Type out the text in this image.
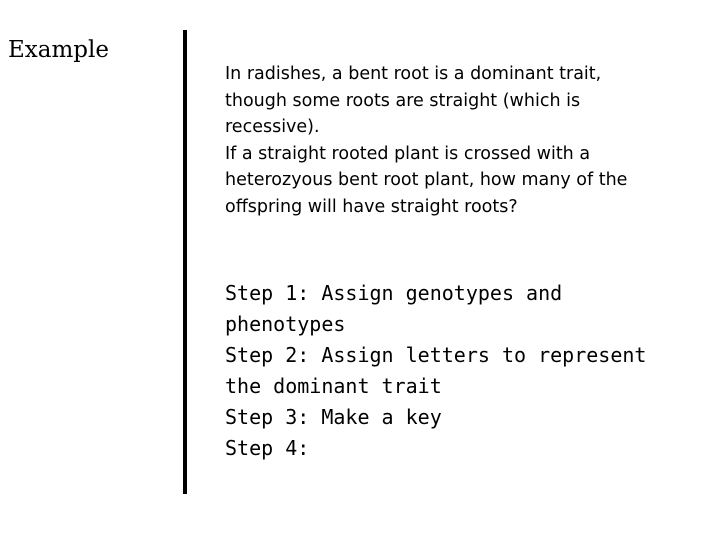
Example

In radishes, a bent root is a dominant trait,
though some roots are straight (which is
recessive).

If a straight rooted plant is crossed with a
heterozyous bent root plant, how many of the
offspring will have straight roots?

Step 1: Assign genotypes and
phenotypes
Step 2: Assign letters to represent
the dominant trait
Step 3: Make a key
Step 4:
